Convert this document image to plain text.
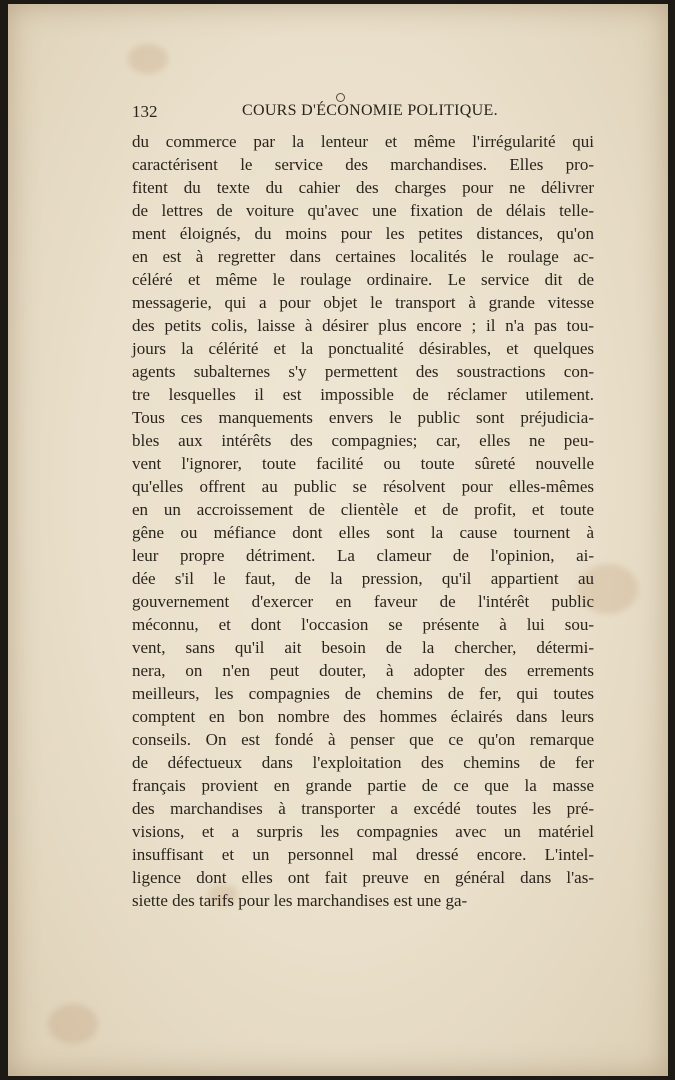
132	COURS D'ÉCONOMIE POLITIQUE.
du commerce par la lenteur et même l'irrégularité qui
caractérisent le service des marchandises. Elles pro-
fitent du texte du cahier des charges pour ne délivrer
de lettres de voiture qu'avec une fixation de délais telle-
ment éloignés, du moins pour les petites distances, qu'on
en est à regretter dans certaines localités le roulage ac-
céléré et même le roulage ordinaire. Le service dit de
messagerie, qui a pour objet le transport à grande vitesse
des petits colis, laisse à désirer plus encore ; il n'a pas tou-
jours la célérité et la ponctualité désirables, et quelques
agents subalternes s'y permettent des soustractions con-
tre lesquelles il est impossible de réclamer utilement.
Tous ces manquements envers le public sont préjudicia-
bles aux intérêts des compagnies; car, elles ne peu-
vent l'ignorer, toute facilité ou toute sûreté nouvelle
qu'elles offrent au public se résolvent pour elles-mêmes
en un accroissement de clientèle et de profit, et toute
gêne ou méfiance dont elles sont la cause tournent à
leur propre détriment. La clameur de l'opinion, ai-
dée s'il le faut, de la pression, qu'il appartient au
gouvernement d'exercer en faveur de l'intérêt public
méconnu, et dont l'occasion se présente à lui sou-
vent, sans qu'il ait besoin de la chercher, détermi-
nera, on n'en peut douter, à adopter des errements
meilleurs, les compagnies de chemins de fer, qui toutes
comptent en bon nombre des hommes éclairés dans leurs
conseils. On est fondé à penser que ce qu'on remarque
de défectueux dans l'exploitation des chemins de fer
français provient en grande partie de ce que la masse
des marchandises à transporter a excédé toutes les pré-
visions, et a surpris les compagnies avec un matériel
insuffisant et un personnel mal dressé encore. L'intel-
ligence dont elles ont fait preuve en général dans l'as-
siette des tarifs pour les marchandises est une ga-
